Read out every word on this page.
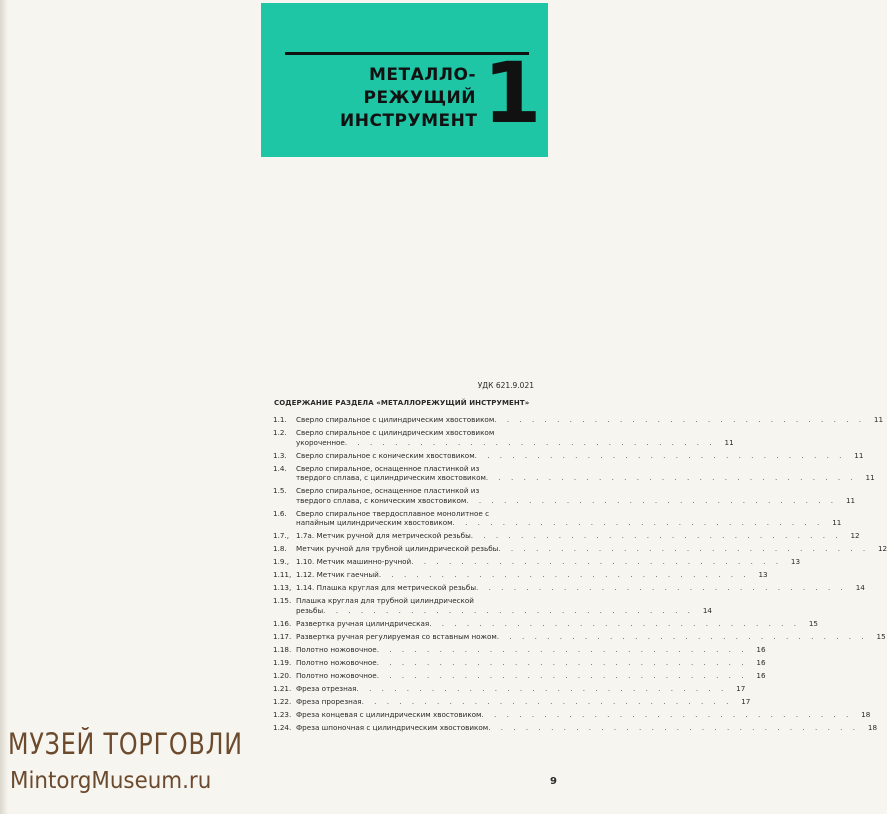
МЕТАЛЛО-
РЕЖУЩИЙ
ИНСТРУМЕНТ 1
УДК 621.9.021
СОДЕРЖАНИЕ РАЗДЕЛА «МЕТАЛЛОРЕЖУЩИЙ ИНСТРУМЕНТ»
1.1.	Сверло спиральное с цилиндрическим хвостовиком . . . . . . . . . . . . . . . . . . . . . . . . . . . . . .	11
1.2.	Сверло спиральное с цилиндрическим хвостовиком
укороченное . . . . . . . . . . . . . . . . . . . . . . . . . . . . . .	11
1.3.	Сверло спиральное с коническим хвостовиком . . . . . . . . . . . . . . . . . . . . . . . . . . . . . .	11
1.4.	Сверло спиральное, оснащенное пластинкой из
твердого сплава, с цилиндрическим хвостовиком . . . . . . . . . . . . . . . . . . . . . . . . . . . . . .	11
1.5.	Сверло спиральное, оснащенное пластинкой из
твердого сплава, с коническим хвостовиком . . . . . . . . . . . . . . . . . . . . . . . . . . . . . .	11
1.6.	Сверло спиральное твердосплавное монолитное с
напайным цилиндрическим хвостовиком . . . . . . . . . . . . . . . . . . . . . . . . . . . . . .	11
1.7., 1.7а. Метчик ручной для метрической резьбы . . . . . . . . . . . . . . . . . . . . . . . . . . . . . .	12
1.8.	Метчик ручной для трубной цилиндрической резьбы . . . . . . . . . . . . . . . . . . . . . . . . . . . . . .	12
1.9., 1.10. Метчик машинно-ручной . . . . . . . . . . . . . . . . . . . . . . . . . . . . . .	13
1.11, 1.12. Метчик гаечный . . . . . . . . . . . . . . . . . . . . . . . . . . . . . .	13
1.13, 1.14. Плашка круглая для метрической резьбы . . . . . . . . . . . . . . . . . . . . . . . . . . . . . .	14
1.15. Плашка круглая для трубной цилиндрической
резьбы . . . . . . . . . . . . . . . . . . . . . . . . . . . . . .	14
1.16. Развертка ручная цилиндрическая . . . . . . . . . . . . . . . . . . . . . . . . . . . . . .	15
1.17. Развертка ручная регулируемая со вставным ножом . . . . . . . . . . . . . . . . . . . . . . . . . . . . . .	15
1.18. Полотно ножовочное . . . . . . . . . . . . . . . . . . . . . . . . . . . . . .	16
1.19. Полотно ножовочное . . . . . . . . . . . . . . . . . . . . . . . . . . . . . .	16
1.20. Полотно ножовочное . . . . . . . . . . . . . . . . . . . . . . . . . . . . . .	16
1.21. Фреза отрезная . . . . . . . . . . . . . . . . . . . . . . . . . . . . . .	17
1.22. Фреза прорезная . . . . . . . . . . . . . . . . . . . . . . . . . . . . . .	17
1.23. Фреза концевая с цилиндрическим хвостовиком . . . . . . . . . . . . . . . . . . . . . . . . . . . . . .	18
1.24. Фреза шпоночная с цилиндрическим хвостовиком . . . . . . . . . . . . . . . . . . . . . . . . . . . . . .	18
МУЗЕЙ ТОРГОВЛИ
MintorgMuseum.ru	9
